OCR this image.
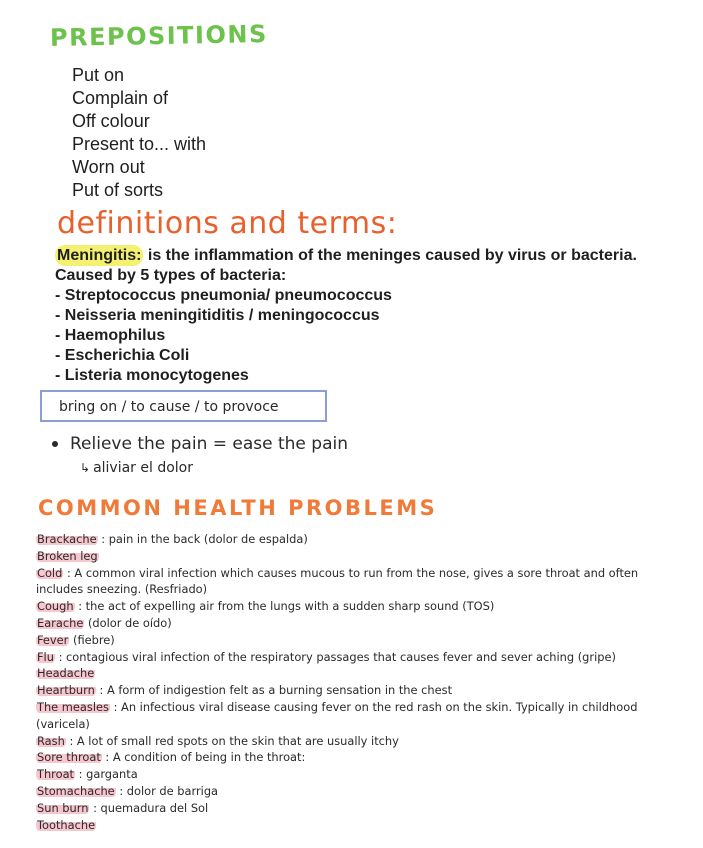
PREPOSITIONS
Put on
Complain of
Off colour
Present to... with
Worn out
Put of sorts
definitions and terms:
Meningitis: is the inflammation of the meninges caused by virus or bacteria. Caused by 5 types of bacteria:
- Streptococcus pneumonia/ pneumococcus
- Neisseria meningitiditis / meningococcus
- Haemophilus
- Escherichia Coli
- Listeria monocytogenes
bring on / to cause / to provoce
Relieve the pain = ease the pain
↳ aliviar el dolor
COMMON HEALTH PROBLEMS
Brackache : pain in the back (dolor de espalda)
Broken leg
Cold : A common viral infection which causes mucous to run from the nose, gives a sore throat and often includes sneezing. (Resfriado)
Cough : the act of expelling air from the lungs with a sudden sharp sound (TOS)
Earache (dolor de oído)
Fever (fiebre)
Flu : contagious viral infection of the respiratory passages that causes fever and sever aching (gripe)
Headache
Heartburn : A form of indigestion felt as a burning sensation in the chest
The measles : An infectious viral disease causing fever on the red rash on the skin. Typically in childhood (varicela)
Rash : A lot of small red spots on the skin that are usually itchy
Sore throat : A condition of being in the throat:
Throat : garganta
Stomachache : dolor de barriga
Sun burn : quemadura del Sol
Toothache
